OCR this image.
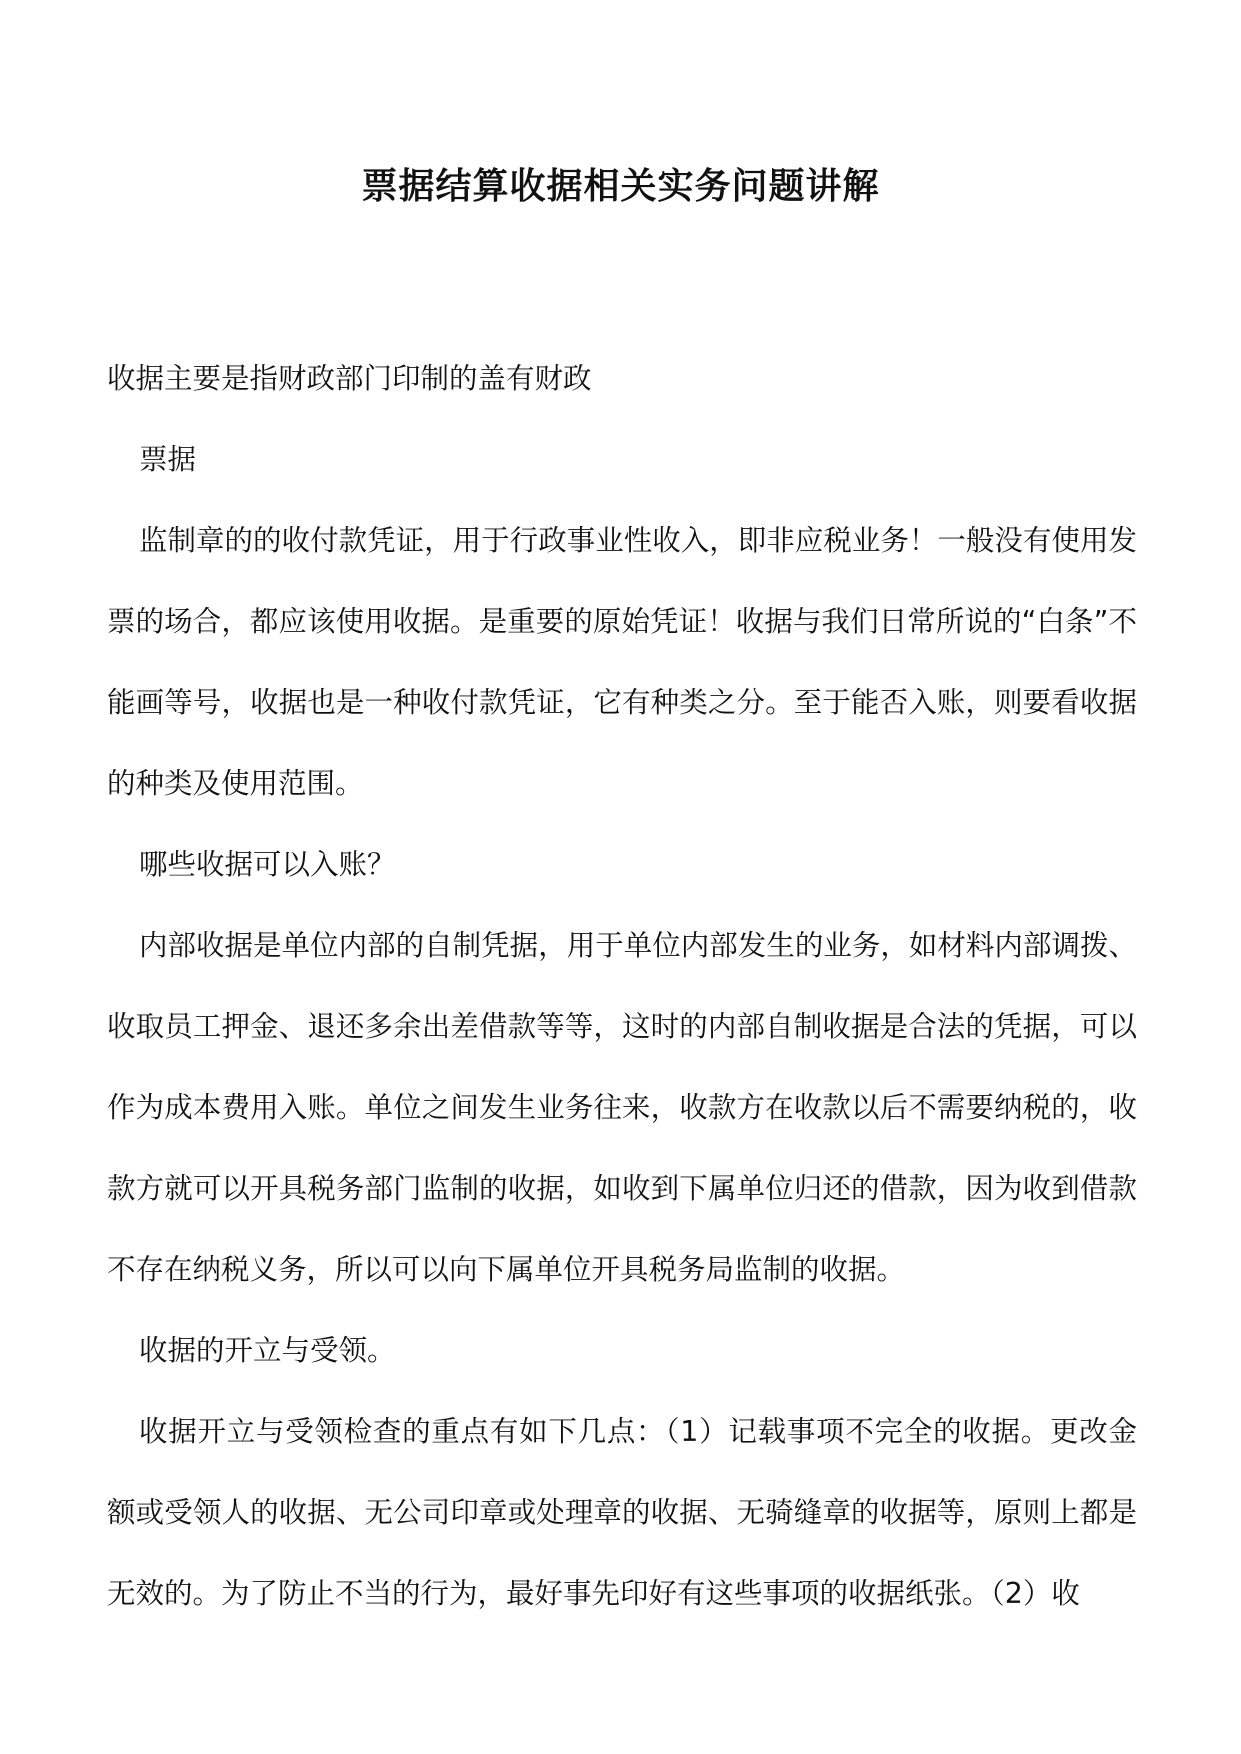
票据结算收据相关实务问题讲解

收据主要是指财政部门印制的盖有财政

票据

监制章的的收付款凭证，用于行政事业性收入，即非应税业务！一般没有使用发票的场合，都应该使用收据。是重要的原始凭证！收据与我们日常所说的“白条”不能画等号，收据也是一种收付款凭证，它有种类之分。至于能否入账，则要看收据的种类及使用范围。

哪些收据可以入账？

内部收据是单位内部的自制凭据，用于单位内部发生的业务，如材料内部调拨、收取员工押金、退还多余出差借款等等，这时的内部自制收据是合法的凭据，可以作为成本费用入账。单位之间发生业务往来，收款方在收款以后不需要纳税的，收款方就可以开具税务部门监制的收据，如收到下属单位归还的借款，因为收到借款不存在纳税义务，所以可以向下属单位开具税务局监制的收据。

收据的开立与受领。

收据开立与受领检查的重点有如下几点：（1）记载事项不完全的收据。更改金额或受领人的收据、无公司印章或处理章的收据、无骑缝章的收据等，原则上都是无效的。为了防止不当的行为，最好事先印好有这些事项的收据纸张。（2）收
